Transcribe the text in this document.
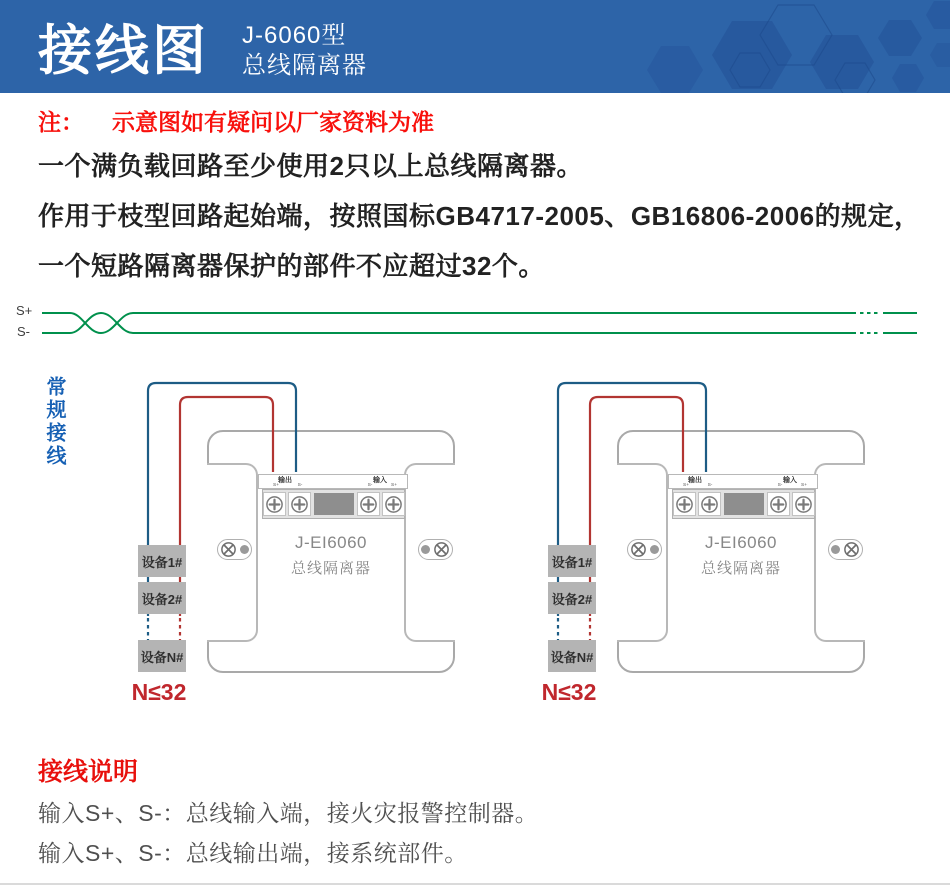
接线图 J-6060型
总线隔离器
注： 示意图如有疑问以厂家资料为准
一个满负载回路至少使用2只以上总线隔离器。
作用于枝型回路起始端，按照国标GB4717-2005、GB16806-2006的规定，
一个短路隔离器保护的部件不应超过32个。
S+
S-
常规接线
输出	输入
S+ S-	S- S+
J-EI6060
总线隔离器
输出	输入
S+ S-	S- S+
J-EI6060
总线隔离器
设备1#
设备2#
设备N#
N≤32
设备1#
设备2#
设备N#
N≤32
接线说明
输入S+、S-：总线输入端，接火灾报警控制器。
输入S+、S-：总线输出端，接系统部件。
